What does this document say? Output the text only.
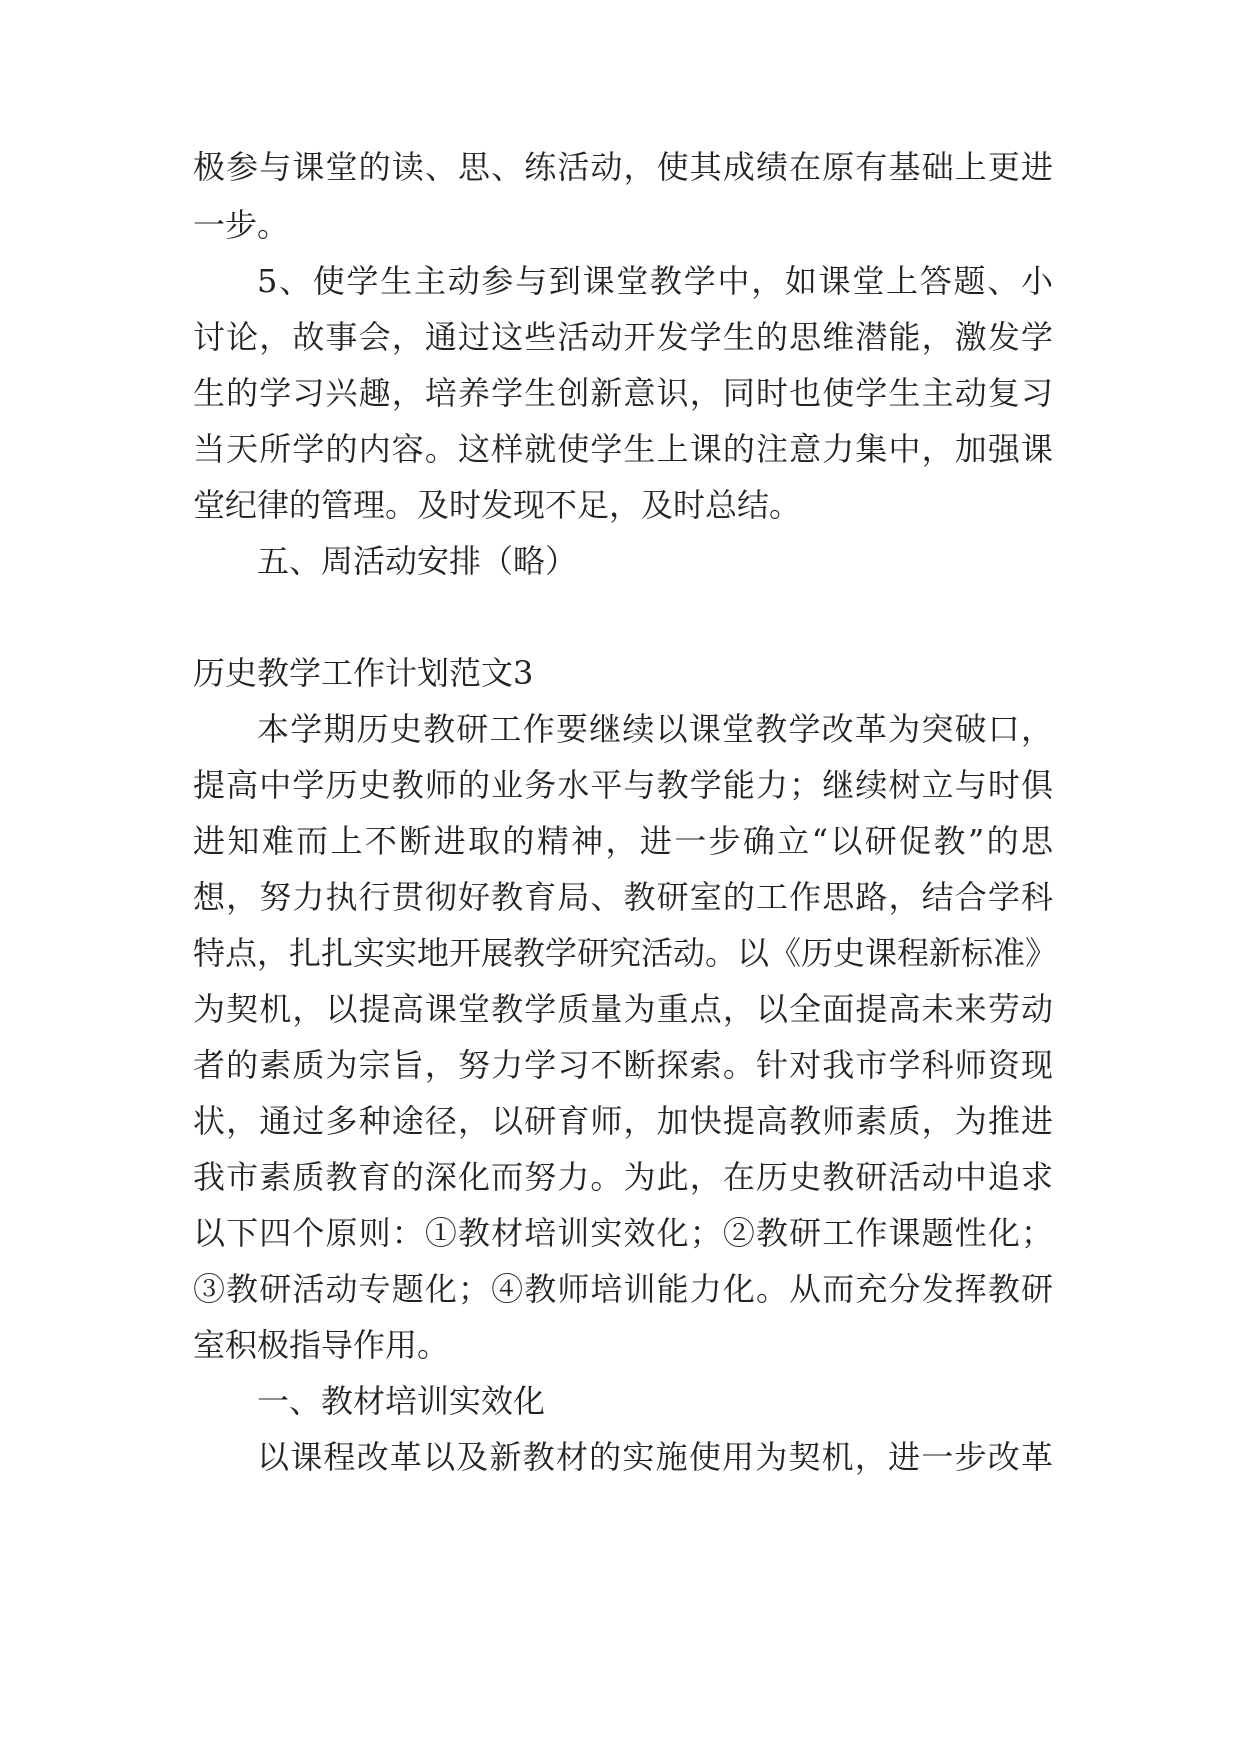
极参与课堂的读、思、练活动，使其成绩在原有基础上更进

一步。

5、使学生主动参与到课堂教学中，如课堂上答题、小

讨论，故事会，通过这些活动开发学生的思维潜能，激发学

生的学习兴趣，培养学生创新意识，同时也使学生主动复习

当天所学的内容。这样就使学生上课的注意力集中，加强课

堂纪律的管理。及时发现不足，及时总结。

五、周活动安排（略）

历史教学工作计划范文3

本学期历史教研工作要继续以课堂教学改革为突破口，

提高中学历史教师的业务水平与教学能力；继续树立与时俱

进知难而上不断进取的精神，进一步确立“以研促教”的思

想，努力执行贯彻好教育局、教研室的工作思路，结合学科

特点，扎扎实实地开展教学研究活动。以《历史课程新标准》

为契机，以提高课堂教学质量为重点，以全面提高未来劳动

者的素质为宗旨，努力学习不断探索。针对我市学科师资现

状，通过多种途径，以研育师，加快提高教师素质，为推进

我市素质教育的深化而努力。为此，在历史教研活动中追求

以下四个原则：①教材培训实效化；②教研工作课题性化；

③教研活动专题化；④教师培训能力化。从而充分发挥教研

室积极指导作用。

一、教材培训实效化

以课程改革以及新教材的实施使用为契机，进一步改革
